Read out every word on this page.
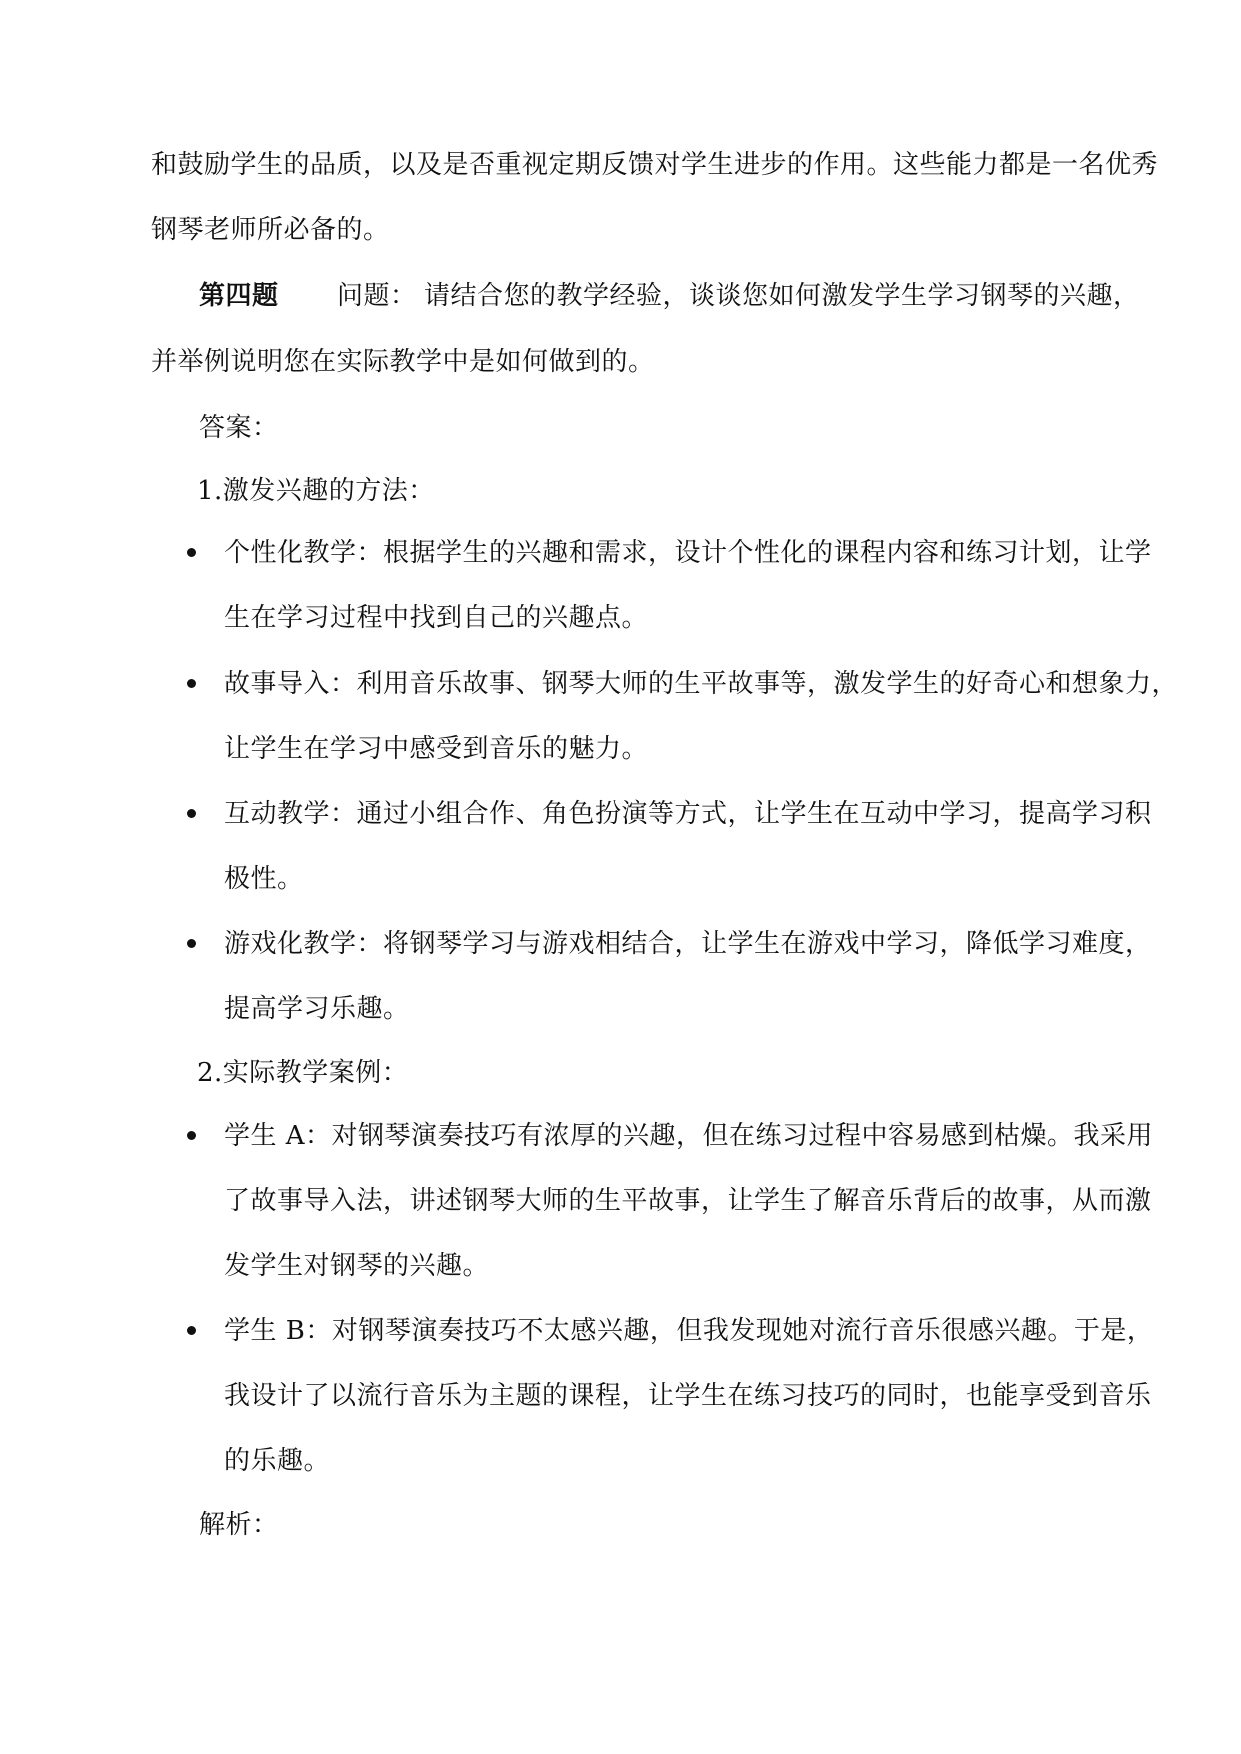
和鼓励学生的品质，以及是否重视定期反馈对学生进步的作用。这些能力都是一名优秀
钢琴老师所必备的。
第四题 问题： 请结合您的教学经验，谈谈您如何激发学生学习钢琴的兴趣，
并举例说明您在实际教学中是如何做到的。
答案：
1.激发兴趣的方法：
个性化教学：根据学生的兴趣和需求，设计个性化的课程内容和练习计划，让学
生在学习过程中找到自己的兴趣点。
故事导入：利用音乐故事、钢琴大师的生平故事等，激发学生的好奇心和想象力，
让学生在学习中感受到音乐的魅力。
互动教学：通过小组合作、角色扮演等方式，让学生在互动中学习，提高学习积
极性。
游戏化教学：将钢琴学习与游戏相结合，让学生在游戏中学习，降低学习难度，
提高学习乐趣。
2.实际教学案例：
学生 A：对钢琴演奏技巧有浓厚的兴趣，但在练习过程中容易感到枯燥。我采用
了故事导入法，讲述钢琴大师的生平故事，让学生了解音乐背后的故事，从而激
发学生对钢琴的兴趣。
学生 B：对钢琴演奏技巧不太感兴趣，但我发现她对流行音乐很感兴趣。于是，
我设计了以流行音乐为主题的课程，让学生在练习技巧的同时，也能享受到音乐
的乐趣。
解析：
